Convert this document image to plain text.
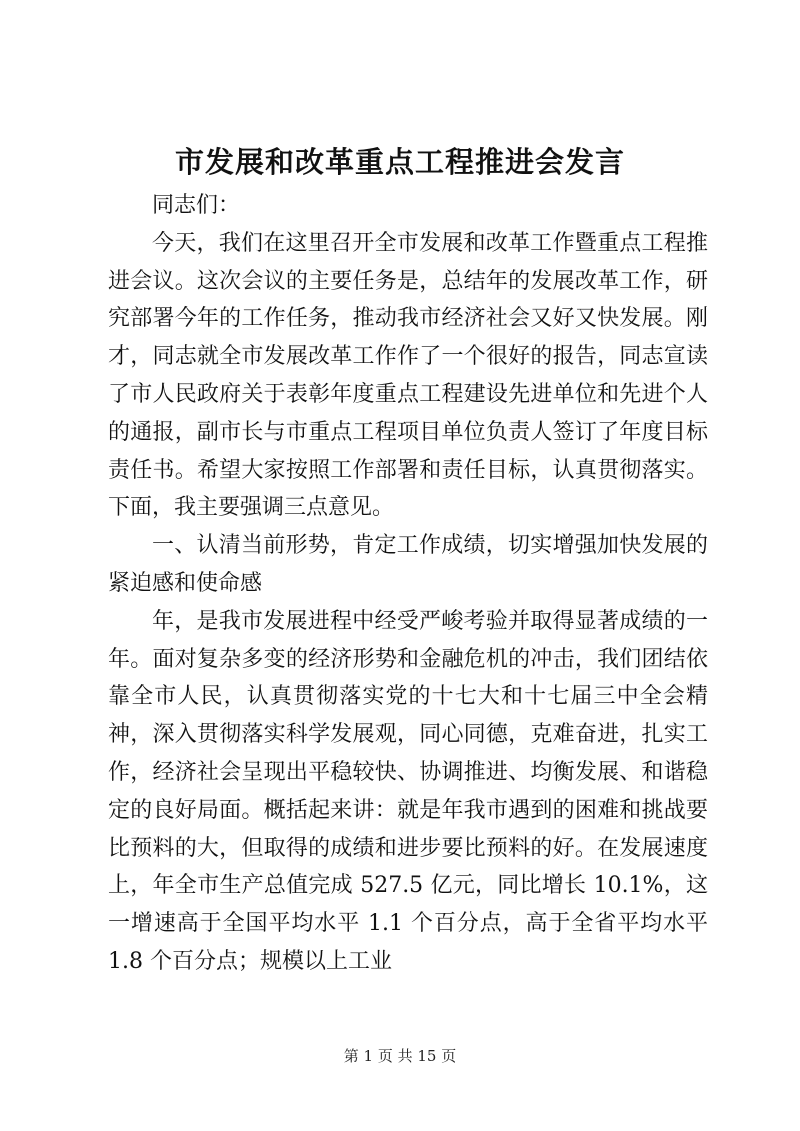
市发展和改革重点工程推进会发言

同志们：

今天，我们在这里召开全市发展和改革工作暨重点工程推进会议。这次会议的主要任务是，总结年的发展改革工作，研究部署今年的工作任务，推动我市经济社会又好又快发展。刚才，同志就全市发展改革工作作了一个很好的报告，同志宣读了市人民政府关于表彰年度重点工程建设先进单位和先进个人的通报，副市长与市重点工程项目单位负责人签订了年度目标责任书。希望大家按照工作部署和责任目标，认真贯彻落实。下面，我主要强调三点意见。

一、认清当前形势，肯定工作成绩，切实增强加快发展的紧迫感和使命感

年，是我市发展进程中经受严峻考验并取得显著成绩的一年。面对复杂多变的经济形势和金融危机的冲击，我们团结依靠全市人民，认真贯彻落实党的十七大和十七届三中全会精神，深入贯彻落实科学发展观，同心同德，克难奋进，扎实工作，经济社会呈现出平稳较快、协调推进、均衡发展、和谐稳定的良好局面。概括起来讲：就是年我市遇到的困难和挑战要比预料的大，但取得的成绩和进步要比预料的好。在发展速度上，年全市生产总值完成 527.5 亿元，同比增长 10.1%，这一增速高于全国平均水平 1.1 个百分点，高于全省平均水平 1.8 个百分点；规模以上工业

第 1 页 共 15 页
